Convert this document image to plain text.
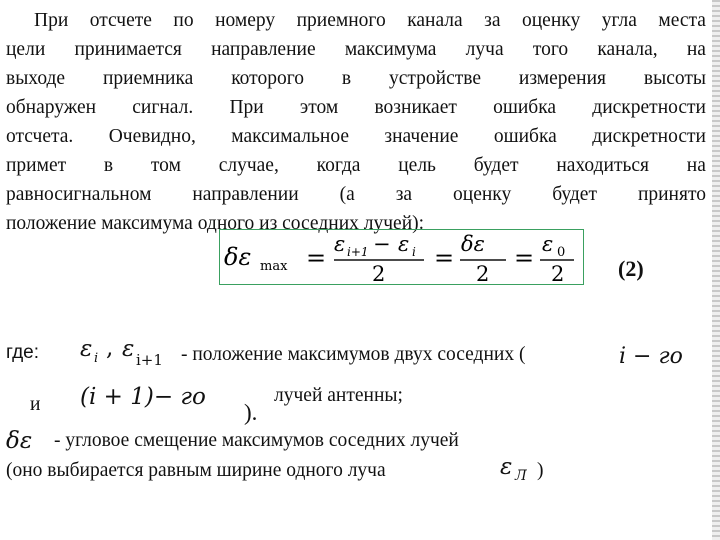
При отсчете по номеру приемного канала за оценку угла места
цели принимается направление максимума луча того канала, на
выходе приемника которого в устройстве измерения высоты
обнаружен сигнал. При этом возникает ошибка дискретности
отсчета. Очевидно, максимальное значение ошибка дискретности
примет в том случае, когда цель будет находиться на
равносигнальном направлении (а за оценку будет принято
положение максимума одного из соседних лучей):
δε max = ε i+1 − ε i
2
= δε
2
= ε 0
2 (2)
где: ε i , ε i+1 - положение максимумов двух соседних (	i − го
и (i + 1)− го
).
лучей антенны;
δε - угловое смещение максимумов соседних лучей
(оно выбирается равным ширине одного луча	ε Л )
